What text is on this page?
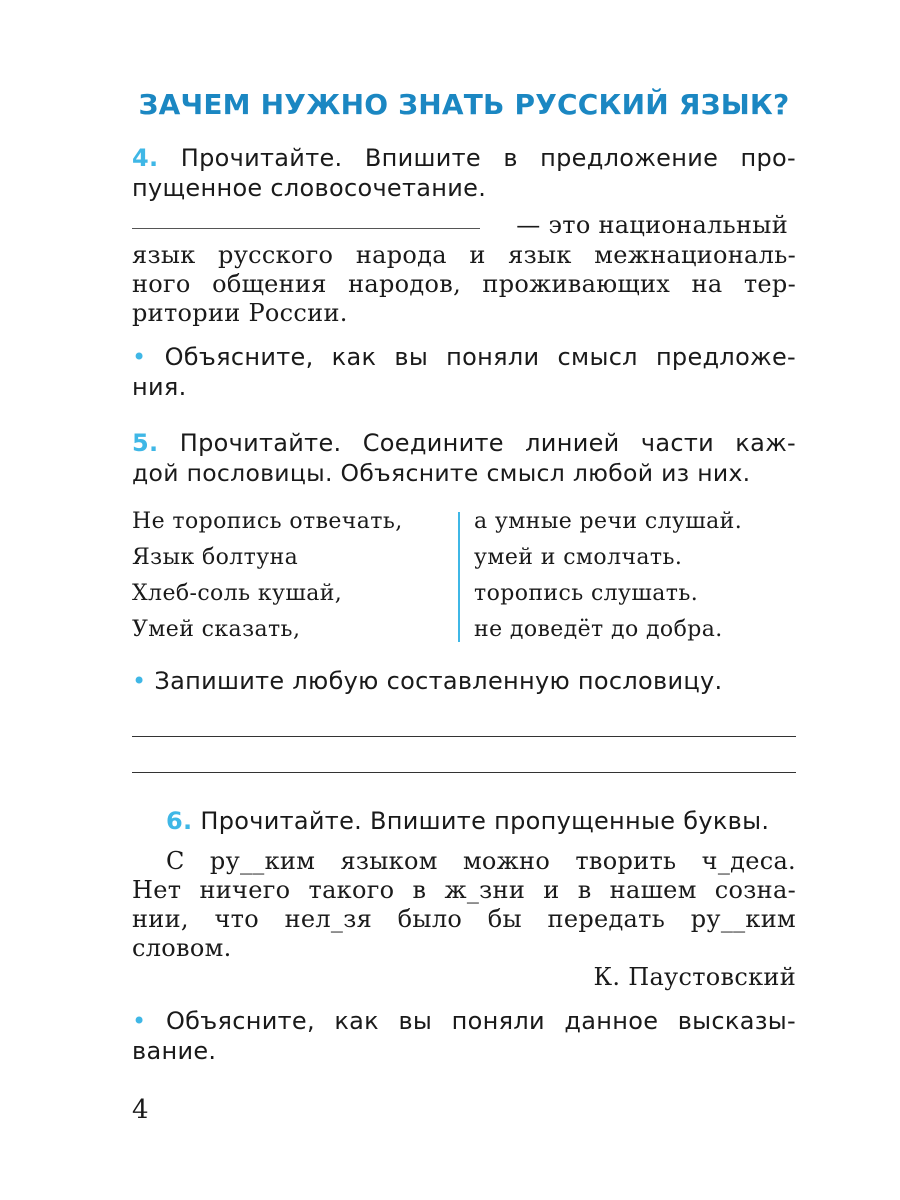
ЗАЧЕМ НУЖНО ЗНАТЬ РУССКИЙ ЯЗЫК?
4. Прочитайте. Впишите в предложение про-
пущенное словосочетание.
— это национальный
язык русского народа и язык межнациональ-
ного общения народов, проживающих на тер-
ритории России.
• Объясните, как вы поняли смысл предложе-
ния.
5. Прочитайте. Соедините линией части каж-
дой пословицы. Объясните смысл любой из них.
Не торопись отвечать,
Язык болтуна
Хлеб-соль кушай,
Умей сказать,
а умные речи слушай.
умей и смолчать.
торопись слушать.
не доведёт до добра.
• Запишите любую составленную пословицу.
6. Прочитайте. Впишите пропущенные буквы.
С ру__ким языком можно творить ч_деса.
Нет ничего такого в ж_зни и в нашем созна-
нии, что нел_зя было бы передать ру__ким
словом.
К. Паустовский
• Объясните, как вы поняли данное высказы-
вание.
4
